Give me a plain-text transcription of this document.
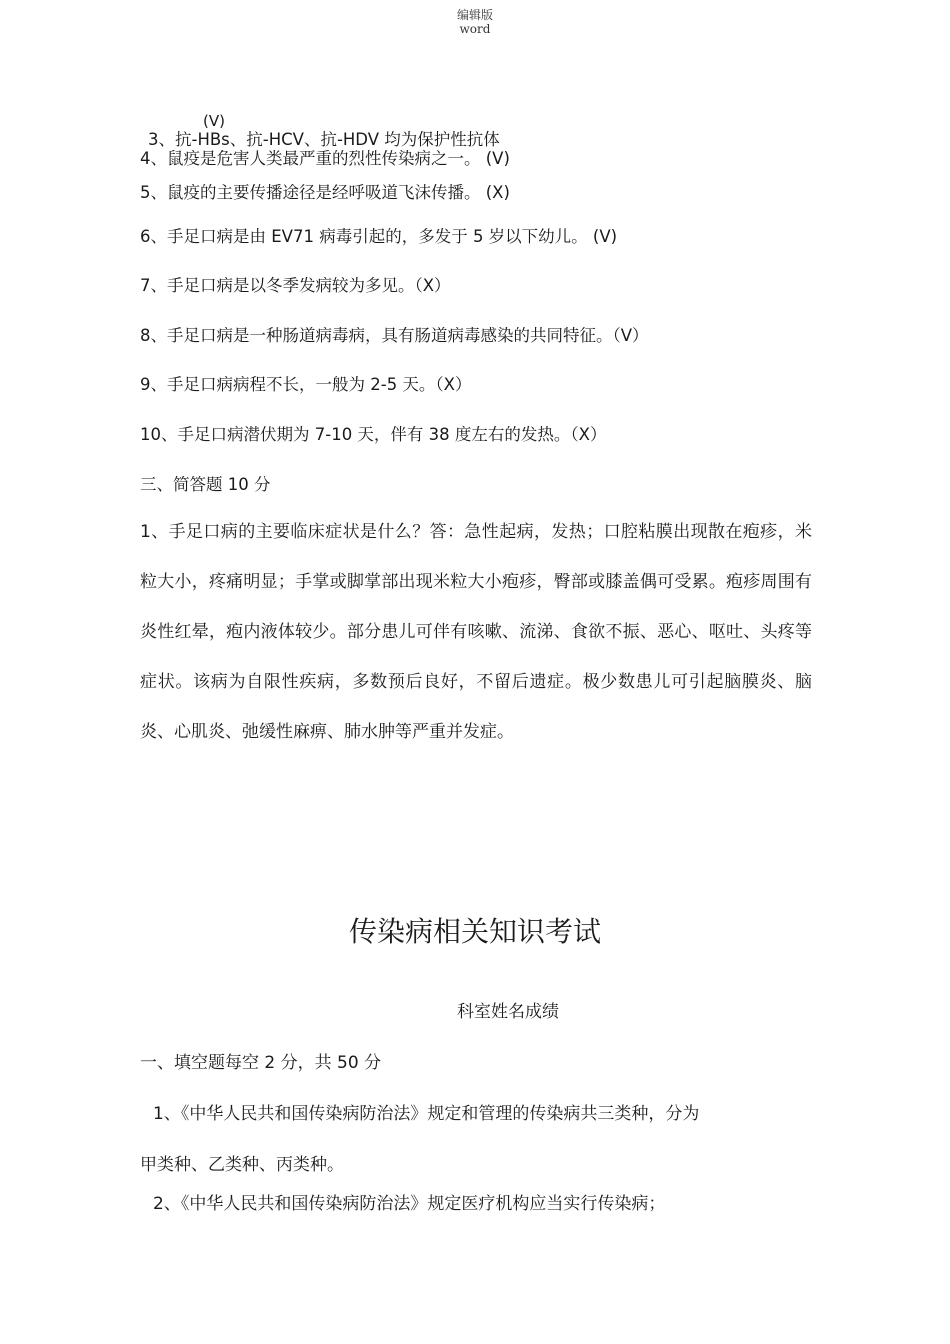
编辑版
word
(V)
3、抗-HBs、抗-HCV、抗-HDV 均为保护性抗体
4、鼠疫是危害人类最严重的烈性传染病之一。 (V)
5、鼠疫的主要传播途径是经呼吸道飞沫传播。 (X)
6、手足口病是由 EV71 病毒引起的，多发于 5 岁以下幼儿。 (V)
7、手足口病是以冬季发病较为多见。（X）
8、手足口病是一种肠道病毒病，具有肠道病毒感染的共同特征。（V）
9、手足口病病程不长，一般为 2-5 天。（X）
10、手足口病潜伏期为 7-10 天，伴有 38 度左右的发热。（X）
三、简答题 10 分
1、手足口病的主要临床症状是什么？答：急性起病，发热；口腔粘膜出现散在疱疹，米粒大小，疼痛明显；手掌或脚掌部出现米粒大小疱疹，臀部或膝盖偶可受累。疱疹周围有炎性红晕，疱内液体较少。部分患儿可伴有咳嗽、流涕、食欲不振、恶心、呕吐、头疼等症状。该病为自限性疾病，多数预后良好，不留后遗症。极少数患儿可引起脑膜炎、脑炎、心肌炎、弛缓性麻痹、肺水肿等严重并发症。
传染病相关知识考试
科室姓名成绩
一、填空题每空 2 分，共 50 分
1、《中华人民共和国传染病防治法》规定和管理的传染病共三类种，分为
甲类种、乙类种、丙类种。
2、《中华人民共和国传染病防治法》规定医疗机构应当实行传染病；
